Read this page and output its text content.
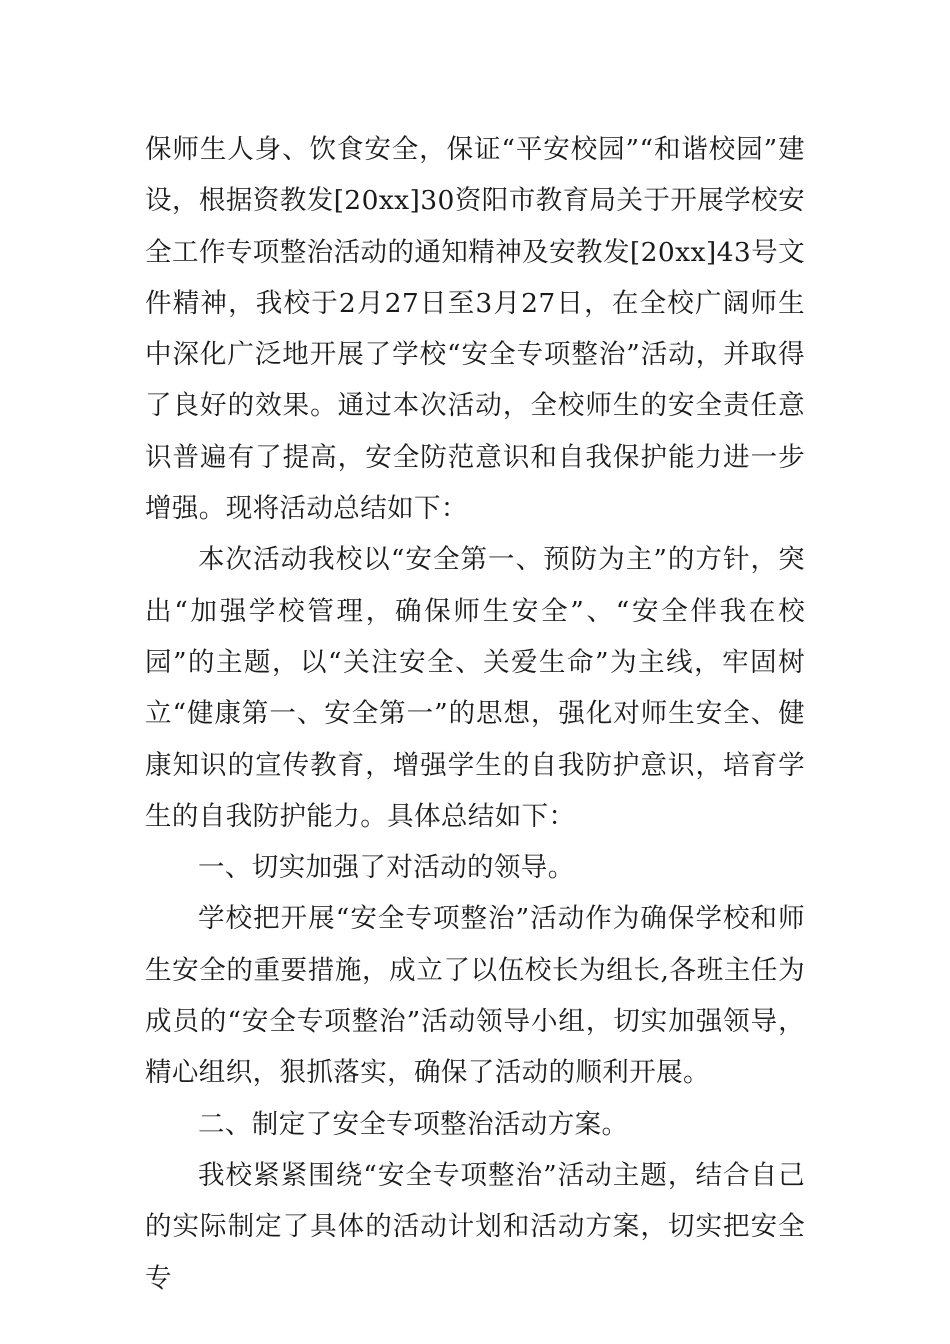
保师生人身、饮食安全，保证“平安校园”“和谐校园”建设，根据资教发[20xx]30资阳市教育局关于开展学校安全工作专项整治活动的通知精神及安教发[20xx]43号文件精神，我校于2月27日至3月27日，在全校广阔师生中深化广泛地开展了学校“安全专项整治”活动，并取得了良好的效果。通过本次活动，全校师生的安全责任意识普遍有了提高，安全防范意识和自我保护能力进一步增强。现将活动总结如下：

本次活动我校以“安全第一、预防为主”的方针，突出“加强学校管理，确保师生安全”、“安全伴我在校园”的主题，以“关注安全、关爱生命”为主线，牢固树立“健康第一、安全第一”的思想，强化对师生安全、健康知识的宣传教育，增强学生的自我防护意识，培育学生的自我防护能力。具体总结如下：

一、切实加强了对活动的领导。

学校把开展“安全专项整治”活动作为确保学校和师生安全的重要措施，成立了以伍校长为组长,各班主任为成员的“安全专项整治”活动领导小组，切实加强领导，精心组织，狠抓落实，确保了活动的顺利开展。

二、制定了安全专项整治活动方案。

我校紧紧围绕“安全专项整治”活动主题，结合自己的实际制定了具体的活动计划和活动方案，切实把安全专
